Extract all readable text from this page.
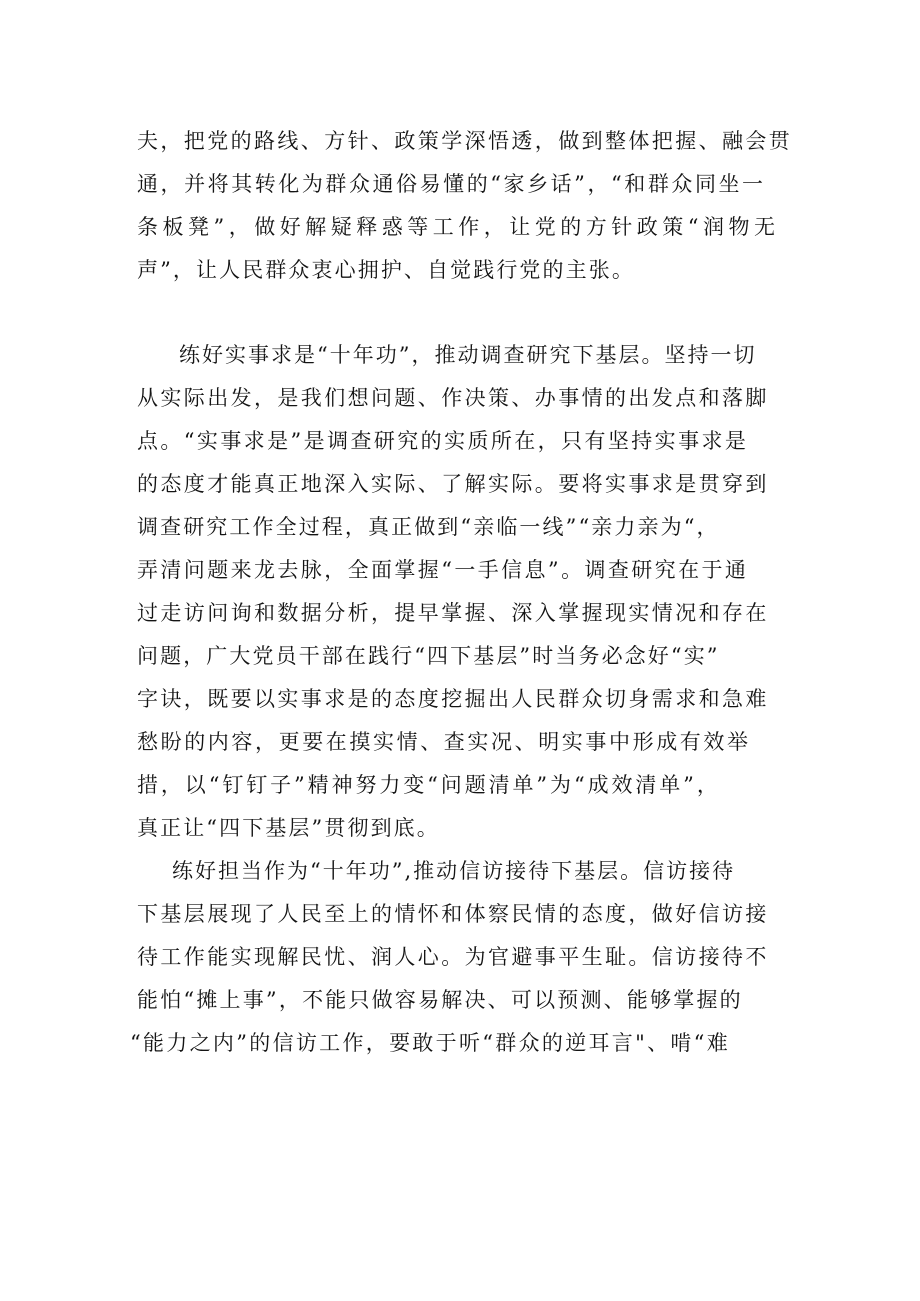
夫，把党的路线、方针、政策学深悟透，做到整体把握、融会贯
通，并将其转化为群众通俗易懂的“家乡话”，“和群众同坐一
条板凳”，做好解疑释惑等工作，让党的方针政策“润物无
声”，让人民群众衷心拥护、自觉践行党的主张。
练好实事求是“十年功”，推动调查研究下基层。坚持一切
从实际出发，是我们想问题、作决策、办事情的出发点和落脚
点。“实事求是”是调查研究的实质所在，只有坚持实事求是
的态度才能真正地深入实际、了解实际。要将实事求是贯穿到
调查研究工作全过程，真正做到“亲临一线”“亲力亲为“，
弄清问题来龙去脉，全面掌握“一手信息”。调查研究在于通
过走访问询和数据分析，提早掌握、深入掌握现实情况和存在
问题，广大党员干部在践行“四下基层”时当务必念好“实”
字诀，既要以实事求是的态度挖掘出人民群众切身需求和急难
愁盼的内容，更要在摸实情、查实况、明实事中形成有效举
措，以“钉钉子”精神努力变“问题清单”为“成效清单”，
真正让“四下基层”贯彻到底。
练好担当作为“十年功”,推动信访接待下基层。信访接待
下基层展现了人民至上的情怀和体察民情的态度，做好信访接
待工作能实现解民忧、润人心。为官避事平生耻。信访接待不
能怕“摊上事”，不能只做容易解决、可以预测、能够掌握的
“能力之内”的信访工作，要敢于听“群众的逆耳言"、啃“难
